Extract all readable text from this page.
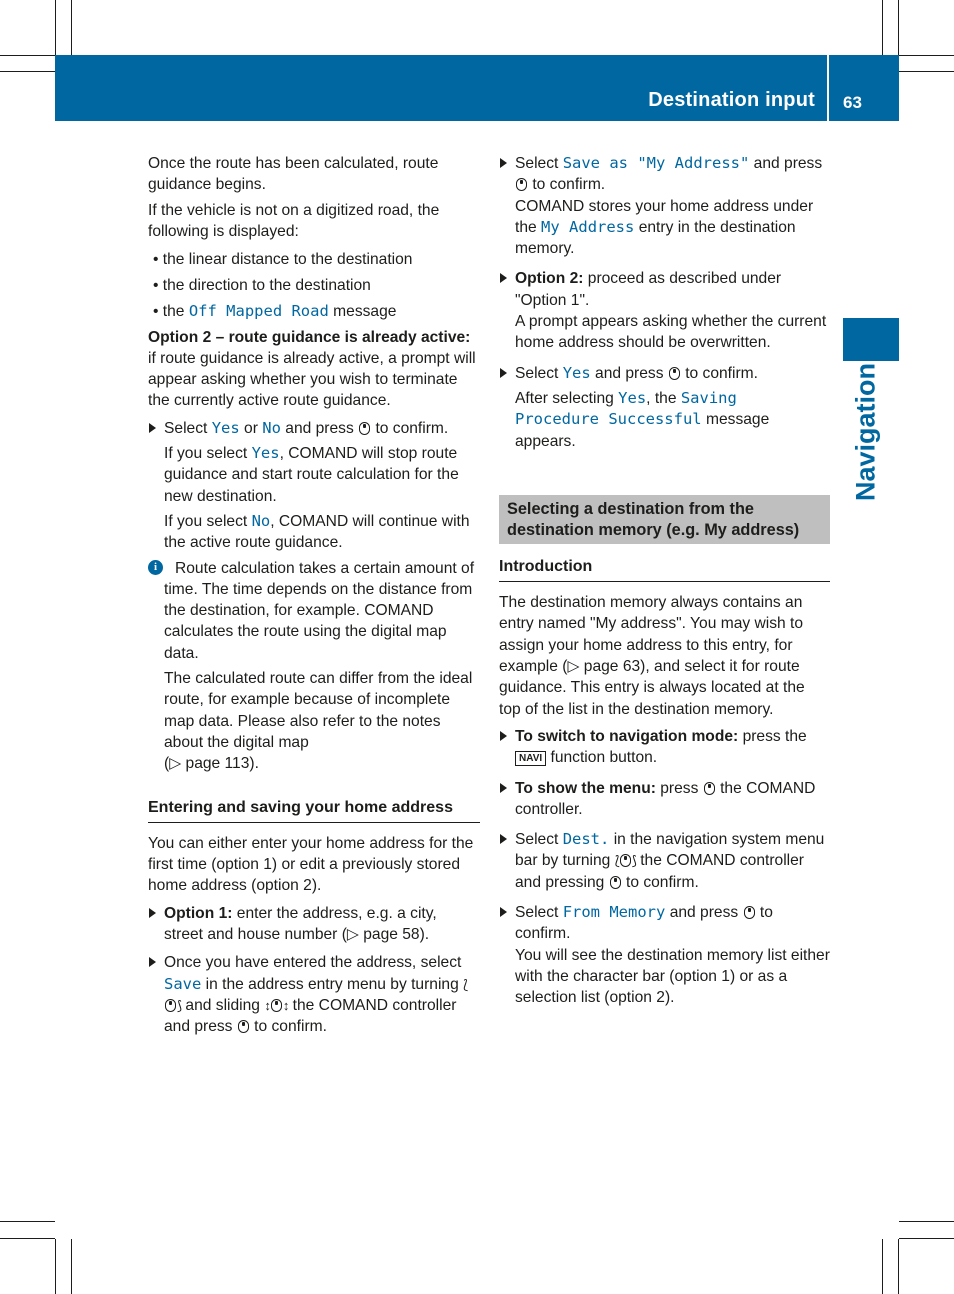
Destination input 63
Navigation

Once the route has been calculated, route guidance begins.

If the vehicle is not on a digitized road, the following is displayed:

• the linear distance to the destination
• the direction to the destination
• the Off Mapped Road message

Option 2 – route guidance is already active: if route guidance is already active, a prompt will appear asking whether you wish to terminate the currently active route guidance.

Select Yes or No and press to confirm.
If you select Yes, COMAND will stop route guidance and start route calculation for the new destination.
If you select No, COMAND will continue with the active route guidance.
i	Route calculation takes a certain amount of time. The time depends on the distance from the destination, for example. COMAND calculates the route using the digital map data.
The calculated route can differ from the ideal route, for example because of incomplete map data. Please also refer to the notes about the digital map
(▷ page 113).
Entering and saving your home address

You can either enter your home address for the first time (option 1) or edit a previously stored home address (option 2).

Option 1: enter the address, e.g. a city, street and house number (▷ page 58).
Once you have entered the address, select Save in the address entry menu by turning ⟅⟆ and sliding ↕ ↕ the COMAND controller and press to confirm.
Select Save as "My Address" and press  to confirm.
COMAND stores your home address under the My Address entry in the destination memory.
Option 2: proceed as described under "Option 1".
A prompt appears asking whether the current home address should be overwritten.
Select Yes and press to confirm.
After selecting Yes, the Saving Procedure Successful message appears.
Selecting a destination from the destination memory (e.g. My address)
Introduction

The destination memory always contains an entry named "My address". You may wish to assign your home address to this entry, for example (▷ page 63), and select it for route guidance. This entry is always located at the top of the list in the destination memory.

To switch to navigation mode: press the NAVI function button.
To show the menu: press the COMAND controller.
Select Dest. in the navigation system menu bar by turning ⟅ ⟆ the COMAND controller and pressing to confirm.
Select From Memory and press to confirm.
You will see the destination memory list either with the character bar (option 1) or as a selection list (option 2).
